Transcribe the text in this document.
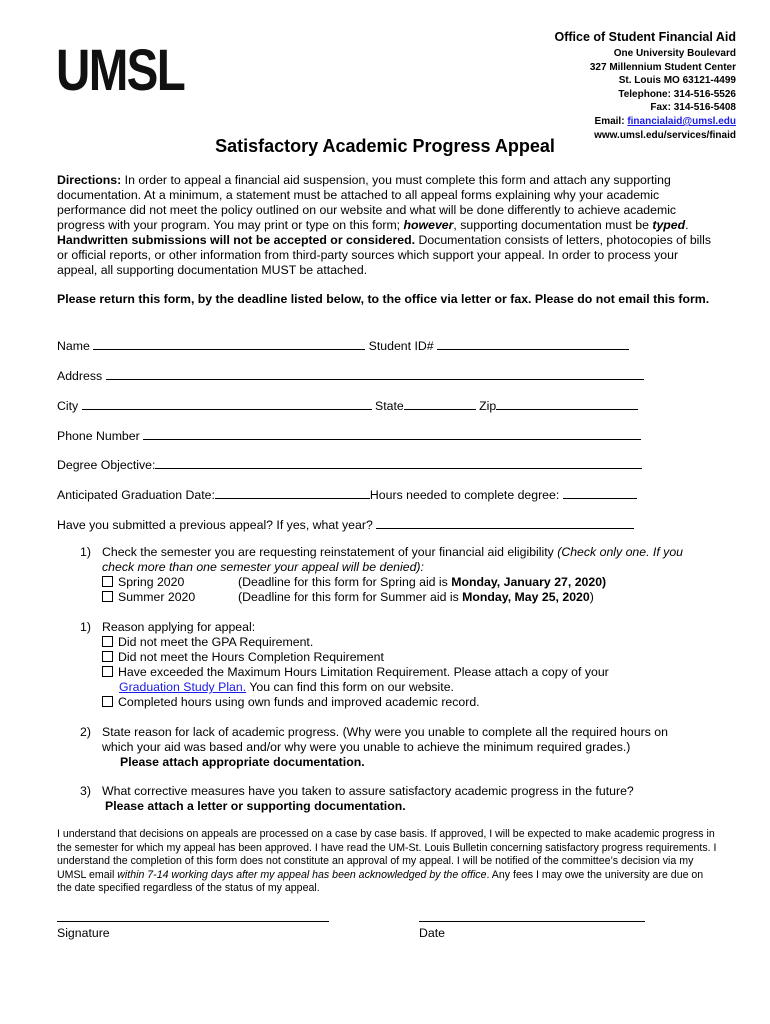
UMSL
Office of Student Financial Aid
One University Boulevard
327 Millennium Student Center
St. Louis MO 63121-4499
Telephone: 314-516-5526
Fax: 314-516-5408
Email: financialaid@umsl.edu
www.umsl.edu/services/finaid
Satisfactory Academic Progress Appeal
Directions: In order to appeal a financial aid suspension, you must complete this form and attach any supporting documentation. At a minimum, a statement must be attached to all appeal forms explaining why your academic performance did not meet the policy outlined on our website and what will be done differently to achieve academic progress with your program. You may print or type on this form; however, supporting documentation must be typed. Handwritten submissions will not be accepted or considered. Documentation consists of letters, photocopies of bills or official reports, or other information from third-party sources which support your appeal. In order to process your appeal, all supporting documentation MUST be attached.
Please return this form, by the deadline listed below, to the office via letter or fax. Please do not email this form.
Name	Student ID#
Address
City	State	Zip
Phone Number
Degree Objective:
Anticipated Graduation Date:	Hours needed to complete degree:
Have you submitted a previous appeal? If yes, what year?
1) Check the semester you are requesting reinstatement of your financial aid eligibility (Check only one. If you check more than one semester your appeal will be denied):
Spring 2020	(Deadline for this form for Spring aid is Monday, January 27, 2020)
Summer 2020	(Deadline for this form for Summer aid is Monday, May 25, 2020)
1) Reason applying for appeal:
Did not meet the GPA Requirement.
Did not meet the Hours Completion Requirement
Have exceeded the Maximum Hours Limitation Requirement. Please attach a copy of your
Graduation Study Plan. You can find this form on our website.
Completed hours using own funds and improved academic record.
2) State reason for lack of academic progress. (Why were you unable to complete all the required hours on which your aid was based and/or why were you unable to achieve the minimum required grades.)
Please attach appropriate documentation.
3) What corrective measures have you taken to assure satisfactory academic progress in the future?
Please attach a letter or supporting documentation.
I understand that decisions on appeals are processed on a case by case basis. If approved, I will be expected to make academic progress in the semester for which my appeal has been approved. I have read the UM-St. Louis Bulletin concerning satisfactory progress requirements. I understand the completion of this form does not constitute an approval of my appeal. I will be notified of the committee’s decision via my UMSL email within 7-14 working days after my appeal has been acknowledged by the office. Any fees I may owe the university are due on the date specified regardless of the status of my appeal.
Signature	Date
